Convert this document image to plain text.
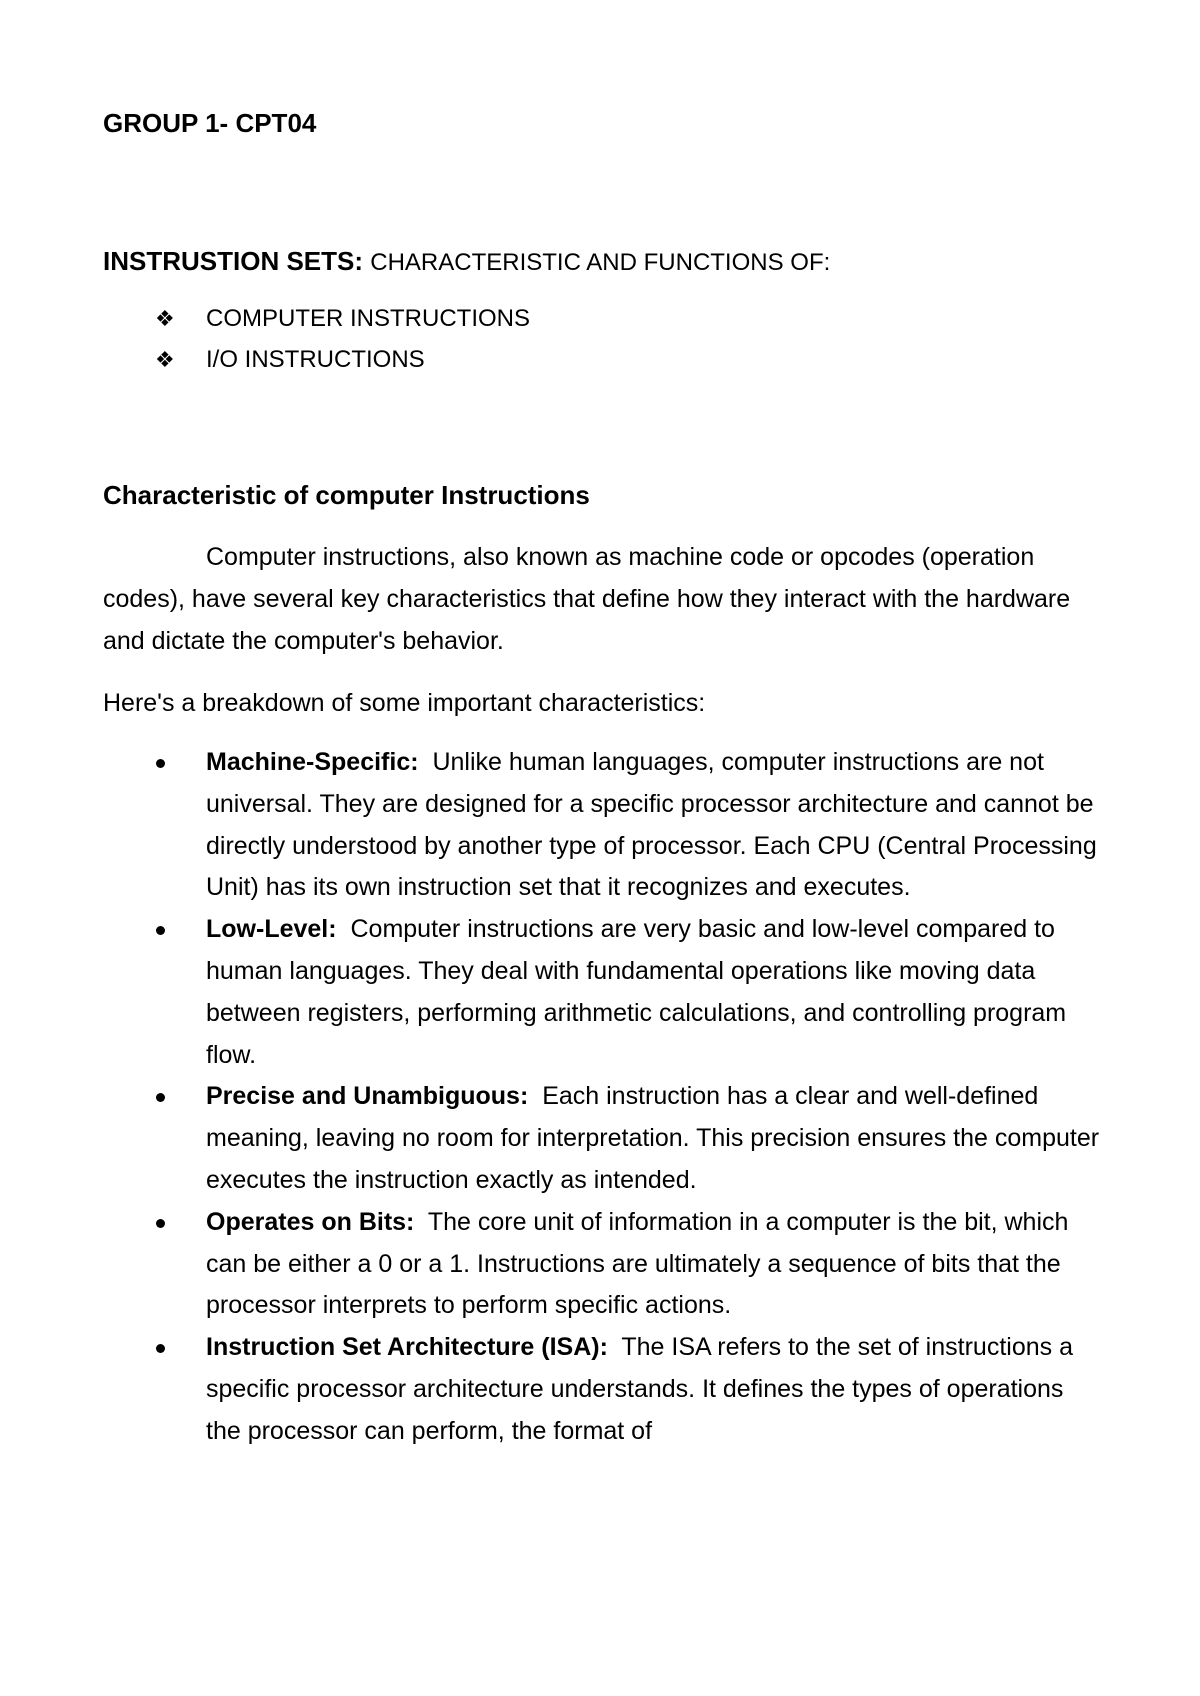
GROUP 1- CPT04
INSTRUSTION SETS: CHARACTERISTIC AND FUNCTIONS OF:
❖ COMPUTER INSTRUCTIONS
❖ I/O INSTRUCTIONS
Characteristic of computer Instructions

Computer instructions, also known as machine code or opcodes (operation codes), have several key characteristics that define how they interact with the hardware and dictate the computer's behavior.

Here's a breakdown of some important characteristics:

Machine-Specific: Unlike human languages, computer instructions are not universal. They are designed for a specific processor architecture and cannot be directly understood by another type of processor. Each CPU (Central Processing Unit) has its own instruction set that it recognizes and executes.
Low-Level: Computer instructions are very basic and low-level compared to human languages. They deal with fundamental operations like moving data between registers, performing arithmetic calculations, and controlling program flow.
Precise and Unambiguous: Each instruction has a clear and well-defined meaning, leaving no room for interpretation. This precision ensures the computer executes the instruction exactly as intended.
Operates on Bits: The core unit of information in a computer is the bit, which can be either a 0 or a 1. Instructions are ultimately a sequence of bits that the processor interprets to perform specific actions.
Instruction Set Architecture (ISA): The ISA refers to the set of instructions a specific processor architecture understands. It defines the types of operations the processor can perform, the format of
